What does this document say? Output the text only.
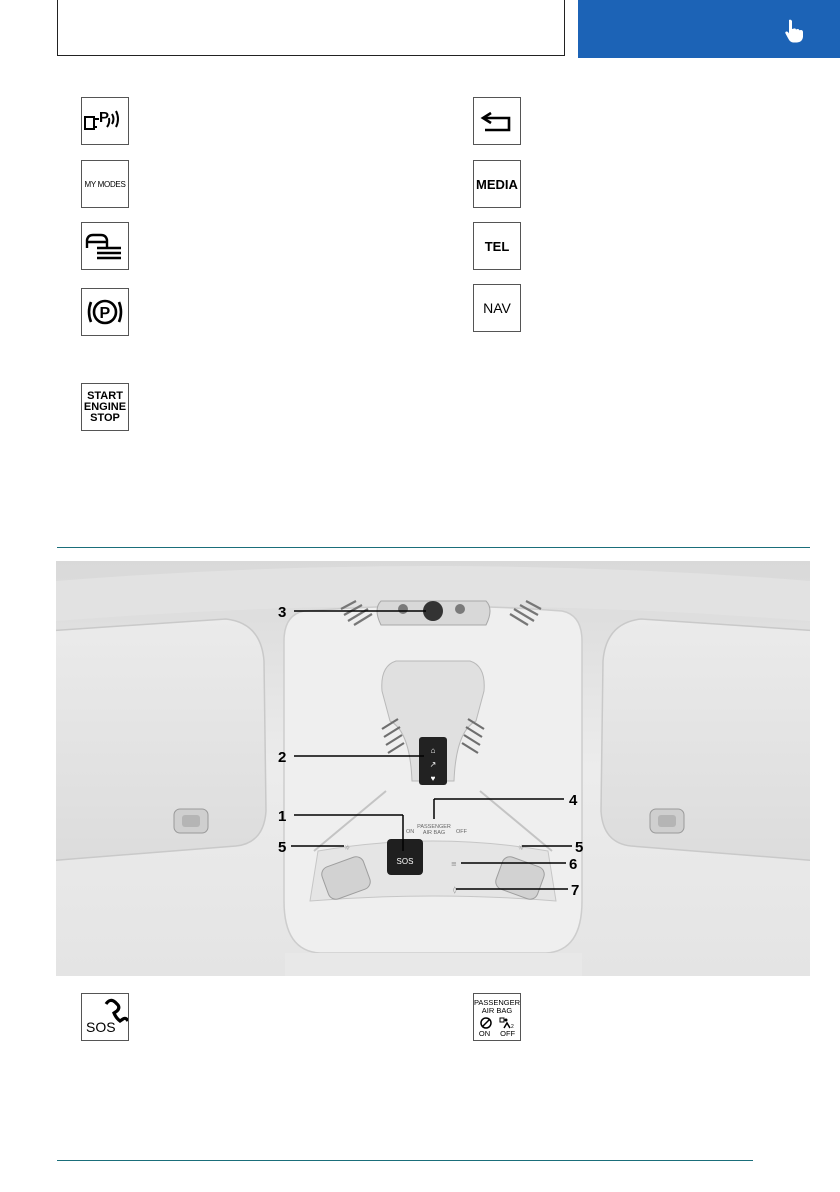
P
MY MODES
P
START
ENGINE
STOP
MEDIA
TEL
NAV
⌂
↗
♥
SOS
PASSENGER
AIR BAG
ON	OFF
☼	☼
≡
◊
3
2
1
4
5	5
6
7
SOS
PASSENGER
AIR BAG
2
ON OFF
